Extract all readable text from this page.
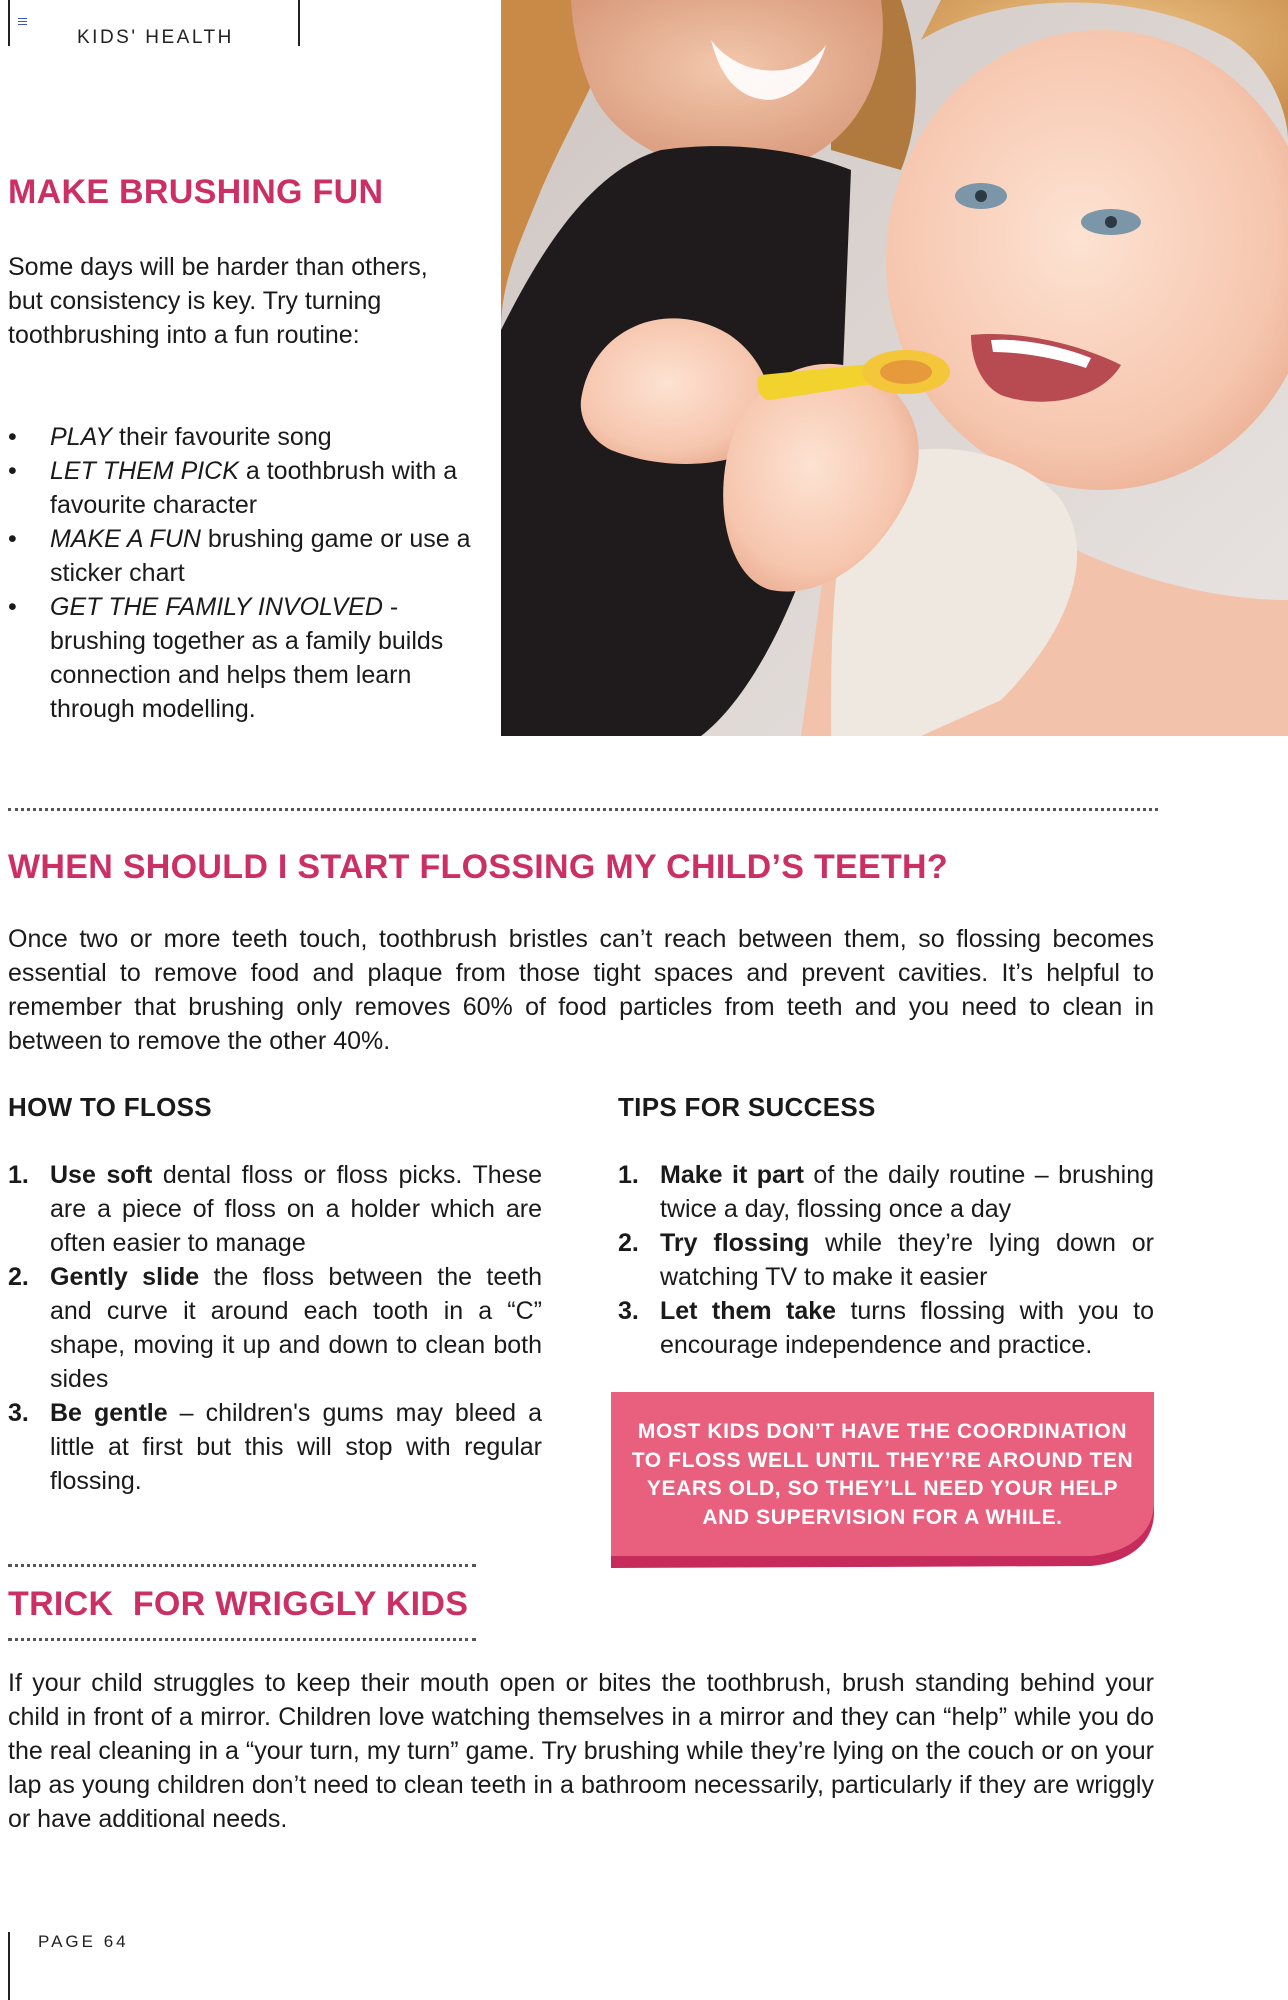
KIDS' HEALTH
MAKE BRUSHING FUN

Some days will be harder than others, but consistency is key. Try turning toothbrushing into a fun routine:

• PLAY their favourite song
• LET THEM PICK a toothbrush with a favourite character
• MAKE A FUN brushing game or use a sticker chart
• GET THE FAMILY INVOLVED - brushing together as a family builds connection and helps them learn through modelling.
WHEN SHOULD I START FLOSSING MY CHILD’S TEETH?

Once two or more teeth touch, toothbrush bristles can’t reach between them, so flossing becomes essential to remove food and plaque from those tight spaces and prevent cavities. It’s helpful to remember that brushing only removes 60% of food particles from teeth and you need to clean in between to remove the other 40%.

HOW TO FLOSS
1. Use soft dental floss or floss picks. These are a piece of floss on a holder which are often easier to manage
2. Gently slide the floss between the teeth and curve it around each tooth in a “C” shape, moving it up and down to clean both sides
3. Be gentle – children's gums may bleed a little at first but this will stop with regular flossing.
TIPS FOR SUCCESS
1. Make it part of the daily routine – brushing twice a day, flossing once a day
2. Try flossing while they’re lying down or watching TV to make it easier
3. Let them take turns flossing with you to encourage independence and practice.
MOST KIDS DON’T HAVE THE COORDINATION TO FLOSS WELL UNTIL THEY’RE AROUND TEN YEARS OLD, SO THEY’LL NEED YOUR HELP AND SUPERVISION FOR A WHILE.
TRICK  FOR WRIGGLY KIDS

If your child struggles to keep their mouth open or bites the toothbrush, brush standing behind your child in front of a mirror. Children love watching themselves in a mirror and they can “help” while you do the real cleaning in a “your turn, my turn” game. Try brushing while they’re lying on the couch or on your lap as young children don’t need to clean teeth in a bathroom necessarily, particularly if they are wriggly or have additional needs.

PAGE 64
